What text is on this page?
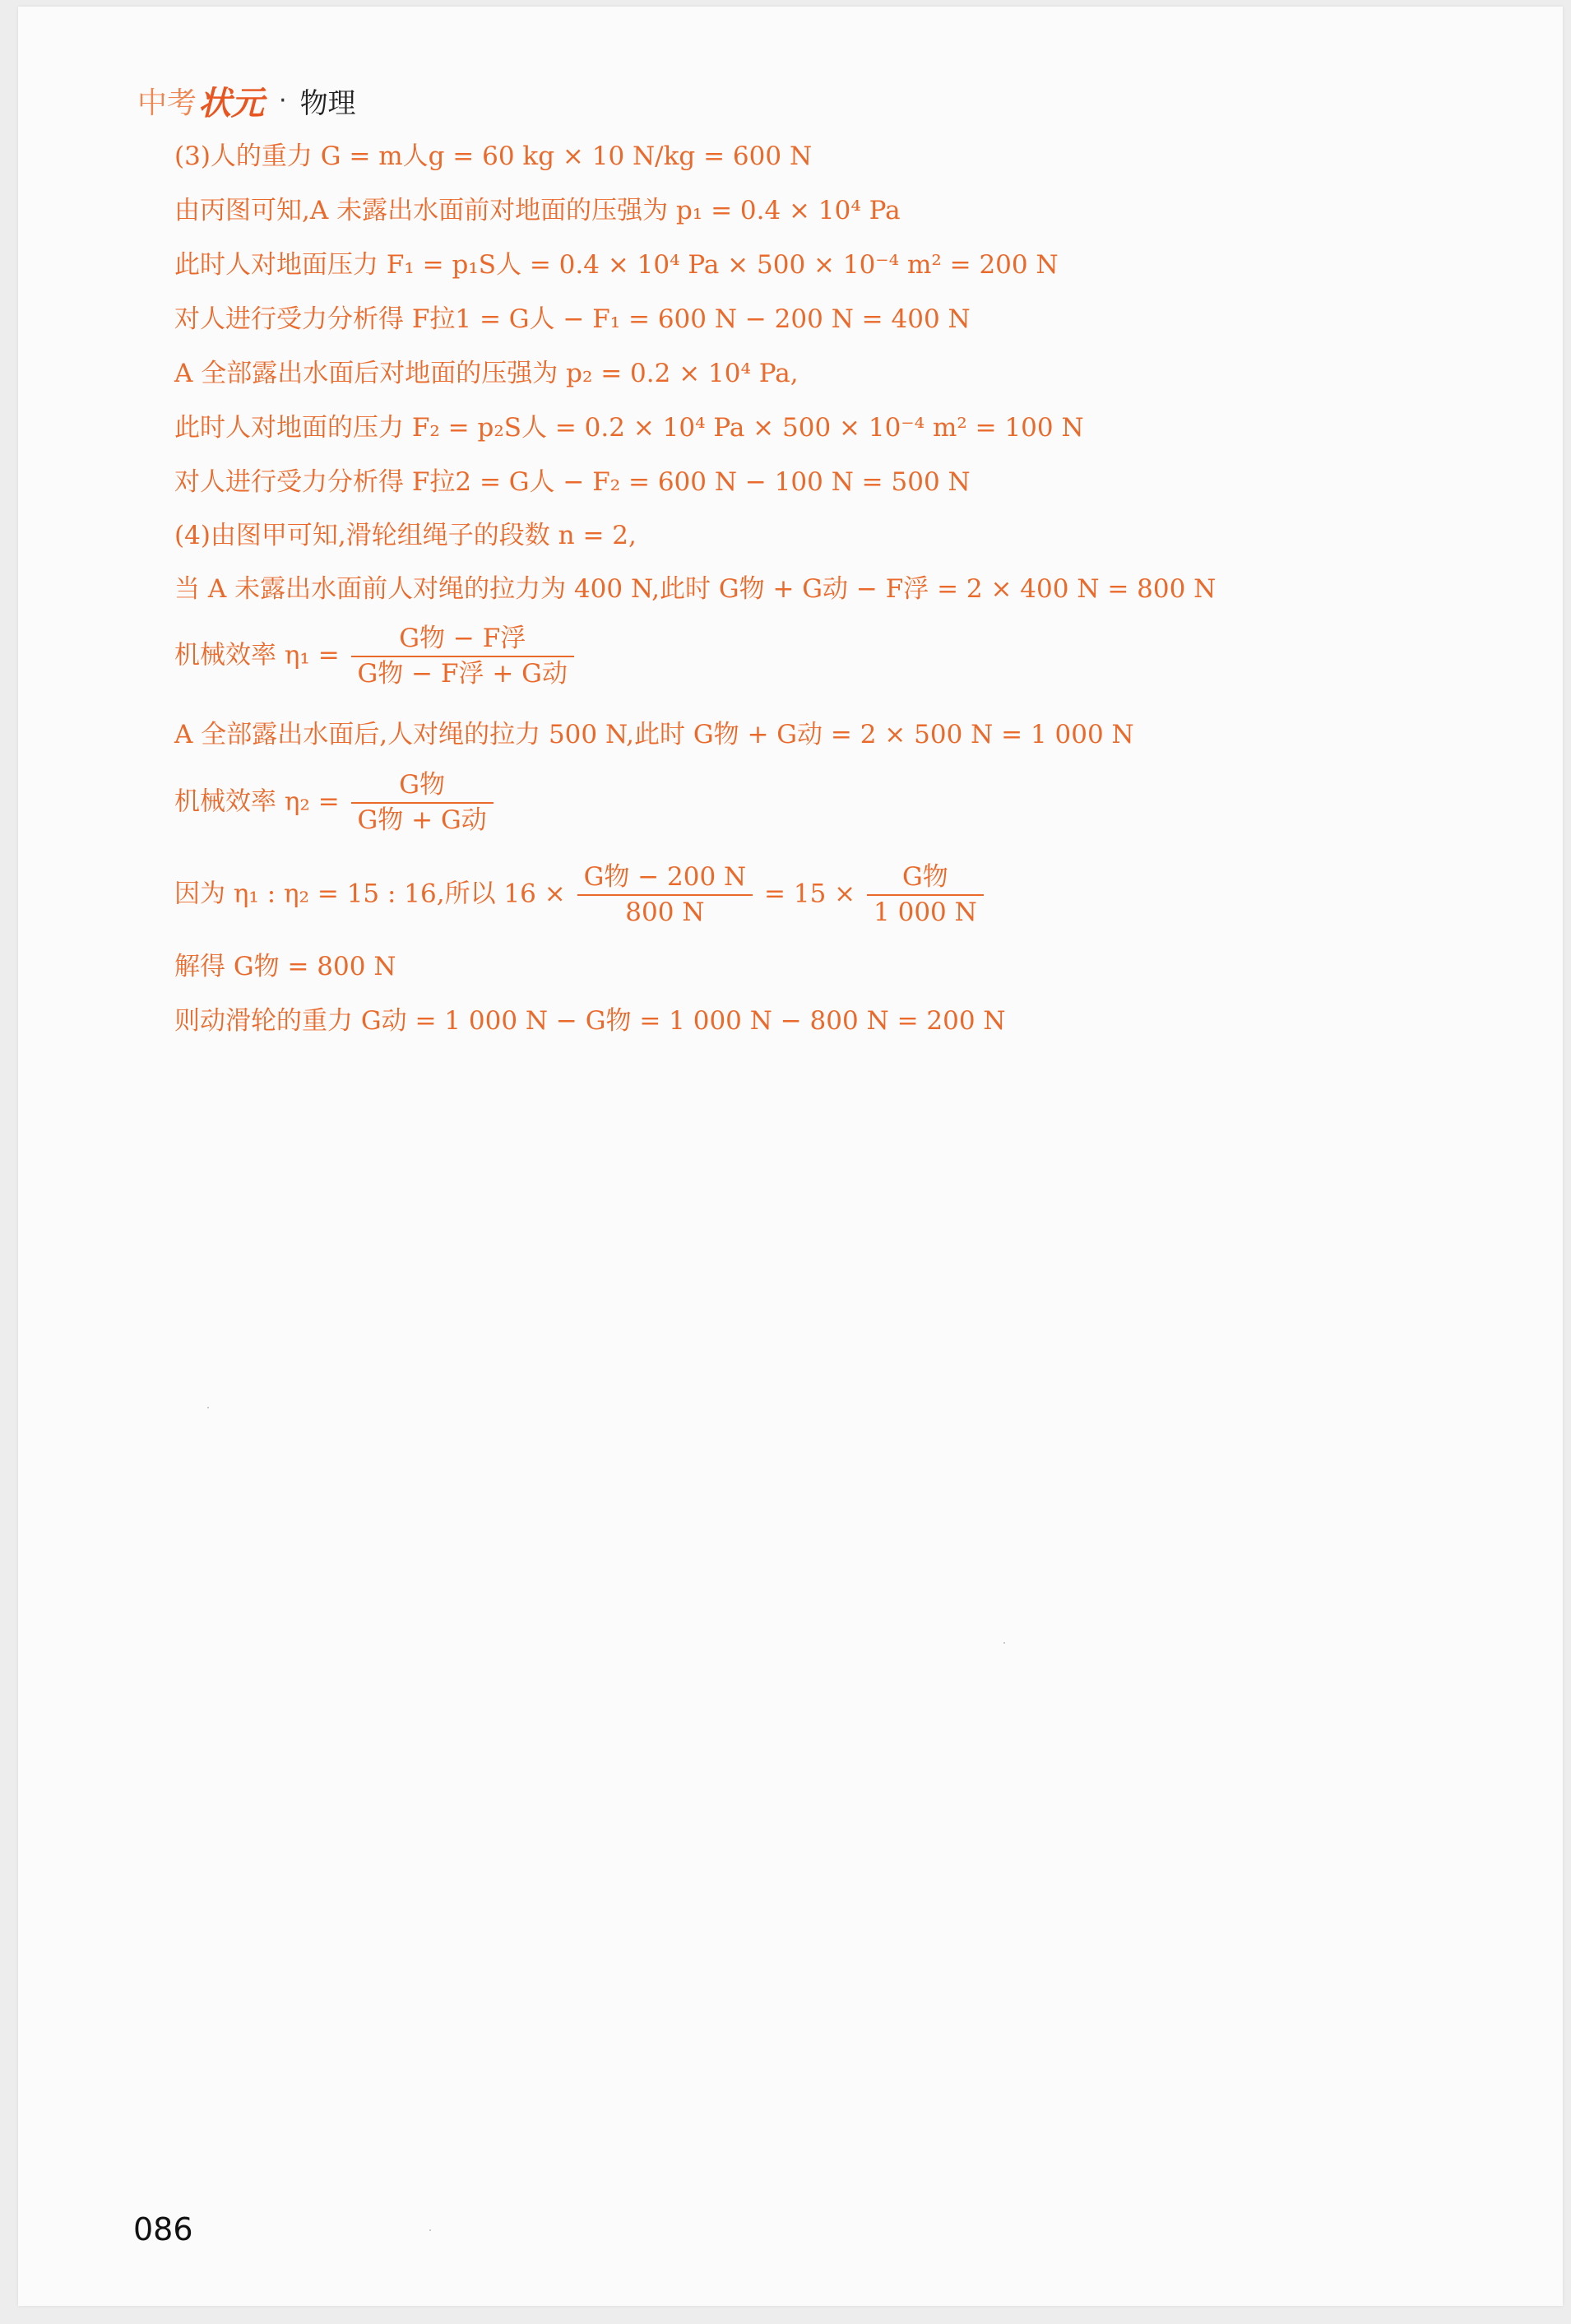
中考 状元 · 物理
(3)人的重力 G = m人g = 60 kg × 10 N/kg = 600 N
由丙图可知,A 未露出水面前对地面的压强为 p₁ = 0.4 × 10⁴ Pa
此时人对地面压力 F₁ = p₁S人 = 0.4 × 10⁴ Pa × 500 × 10⁻⁴ m² = 200 N
对人进行受力分析得 F拉1 = G人 − F₁ = 600 N − 200 N = 400 N
A 全部露出水面后对地面的压强为 p₂ = 0.2 × 10⁴ Pa,
此时人对地面的压力 F₂ = p₂S人 = 0.2 × 10⁴ Pa × 500 × 10⁻⁴ m² = 100 N
对人进行受力分析得 F拉2 = G人 − F₂ = 600 N − 100 N = 500 N
(4)由图甲可知,滑轮组绳子的段数 n = 2,
当 A 未露出水面前人对绳的拉力为 400 N,此时 G物 + G动 − F浮 = 2 × 400 N = 800 N
机械效率 $\eta_1 = \frac{\text{G物 − F浮}}{\text{G物 − F浮 + G动}}$
A 全部露出水面后,人对绳的拉力 500 N,此时 G物 + G动 = 2 × 500 N = 1 000 N
机械效率 $\eta_2 = \frac{\text{G物}}{\text{G物 + G动}}$
因为 η₁ : η₂ = 15 : 16,所以 $16 \times \frac{\text{G物 − 200 N}}{800 N} = 15 \times \frac{\text{G物}}{1 000 N}$
解得 G物 = 800 N
则动滑轮的重力 G动 = 1 000 N − G物 = 1 000 N − 800 N = 200 N
086
